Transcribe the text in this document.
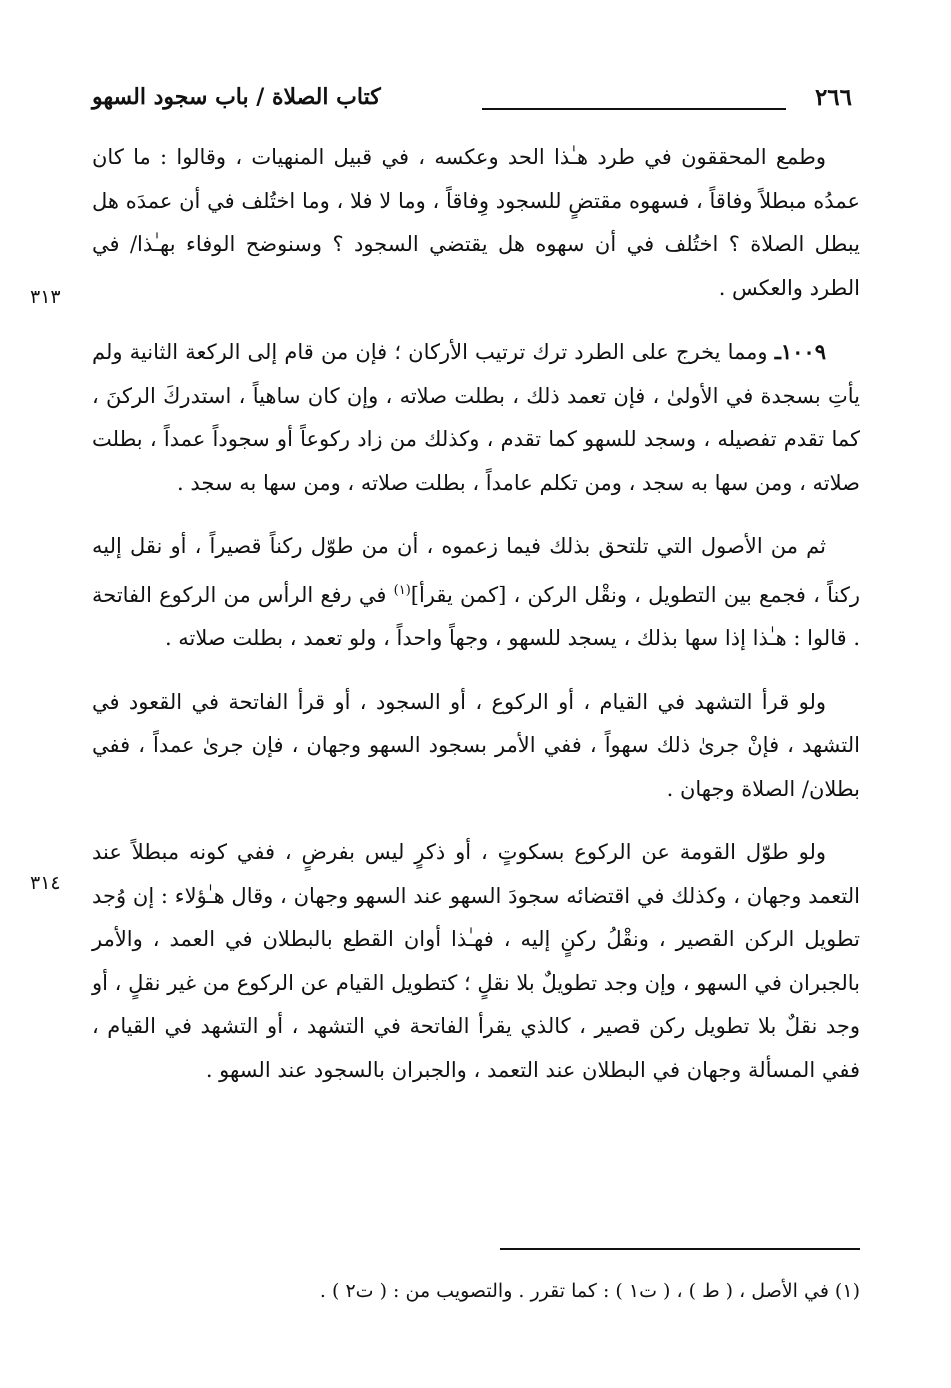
٢٦٦
كتاب الصلاة / باب سجود السهو
٣١٣
٣١٤

وطمع المحققون في طرد هـٰذا الحد وعكسه ، في قبيل المنهيات ، وقالوا : ما كان عمدُه مبطلاً وفاقاً ، فسهوه مقتضٍ للسجود وِفاقاً ، وما لا فلا ، وما اختُلف في أن عمدَه هل يبطل الصلاة ؟ اختُلف في أن سهوه هل يقتضي السجود ؟ وسنوضح الوفاء بهـٰذا/ في الطرد والعكس .

١٠٠٩ـ ومما يخرج على الطرد ترك ترتيب الأركان ؛ فإن من قام إلى الركعة الثانية ولم يأتِ بسجدة في الأولىٰ ، فإن تعمد ذلك ، بطلت صلاته ، وإن كان ساهياً ، استدركَ الركنَ ، كما تقدم تفصيله ، وسجد للسهو كما تقدم ، وكذلك من زاد ركوعاً أو سجوداً عمداً ، بطلت صلاته ، ومن سها به سجد ، ومن تكلم عامداً ، بطلت صلاته ، ومن سها به سجد .

ثم من الأصول التي تلتحق بذلك فيما زعموه ، أن من طوّل ركناً قصيراً ، أو نقل إليه ركناً ، فجمع بين التطويل ، ونقْل الركن ، [كمن يقرأ]$^{(١)}$ في رفع الرأس من الركوع الفاتحة . قالوا : هـٰذا إذا سها بذلك ، يسجد للسهو ، وجهاً واحداً ، ولو تعمد ، بطلت صلاته .

ولو قرأ التشهد في القيام ، أو الركوع ، أو السجود ، أو قرأ الفاتحة في القعود في التشهد ، فإنْ جرىٰ ذلك سهواً ، ففي الأمر بسجود السهو وجهان ، فإن جرىٰ عمداً ، ففي بطلان/ الصلاة وجهان .

ولو طوّل القومة عن الركوع بسكوتٍ ، أو ذكرٍ ليس بفرضٍ ، ففي كونه مبطلاً عند التعمد وجهان ، وكذلك في اقتضائه سجودَ السهو عند السهو وجهان ، وقال هـٰؤلاء : إن وُجد تطويل الركن القصير ، ونقْلُ ركنٍ إليه ، فهـٰذا أوان القطع بالبطلان في العمد ، والأمر بالجبران في السهو ، وإن وجد تطويلٌ بلا نقلٍ ؛ كتطويل القيام عن الركوع من غير نقلٍ ، أو وجد نقلٌ بلا تطويل ركن قصير ، كالذي يقرأ الفاتحة في التشهد ، أو التشهد في القيام ، ففي المسألة وجهان في البطلان عند التعمد ، والجبران بالسجود عند السهو .

(١) في الأصل ، ( ط ) ، ( ت١ ) : كما تقرر . والتصويب من : ( ت٢ ) .
